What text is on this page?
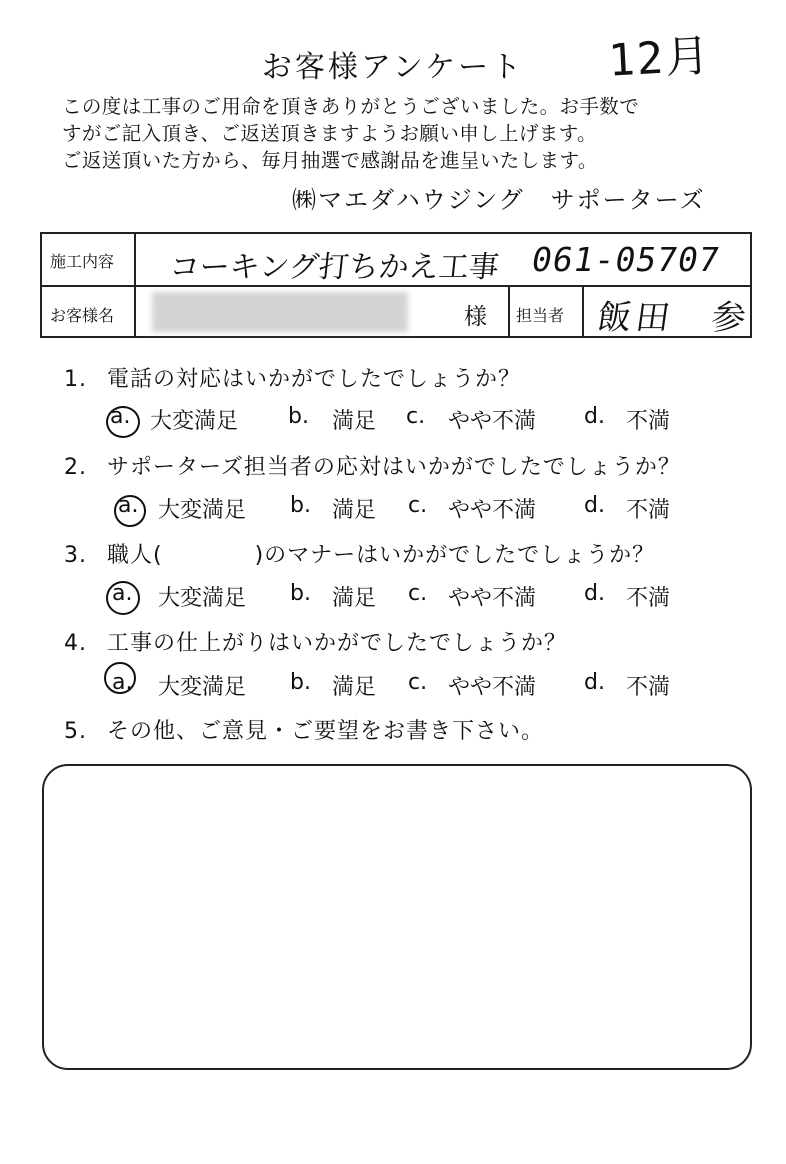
お客様アンケート	12月
この度は工事のご用命を頂きありがとうございました。お手数で
すがご記入頂き、ご返送頂きますようお願い申し上げます。
ご返送頂いた方から、毎月抽選で感謝品を進呈いたします。
㈱マエダハウジング　サポーターズ
施工内容 コーキング打ちかえ工事 061-05707
お客様名	様 担当者 飯田　参
1. 電話の対応はいかがでしたでしょうか？
a. 大変満足 b. 満足 c. やや不満 d. 不満
2. サポーターズ担当者の応対はいかがでしたでしょうか？
a. 大変満足 b. 満足 c. やや不満 d. 不満
3. 職人(　　　　)のマナーはいかがでしたでしょうか？
a. 大変満足 b. 満足 c. やや不満 d. 不満
4. 工事の仕上がりはいかがでしたでしょうか？
a. 大変満足 b. 満足 c. やや不満 d. 不満
5. その他、ご意見・ご要望をお書き下さい。
